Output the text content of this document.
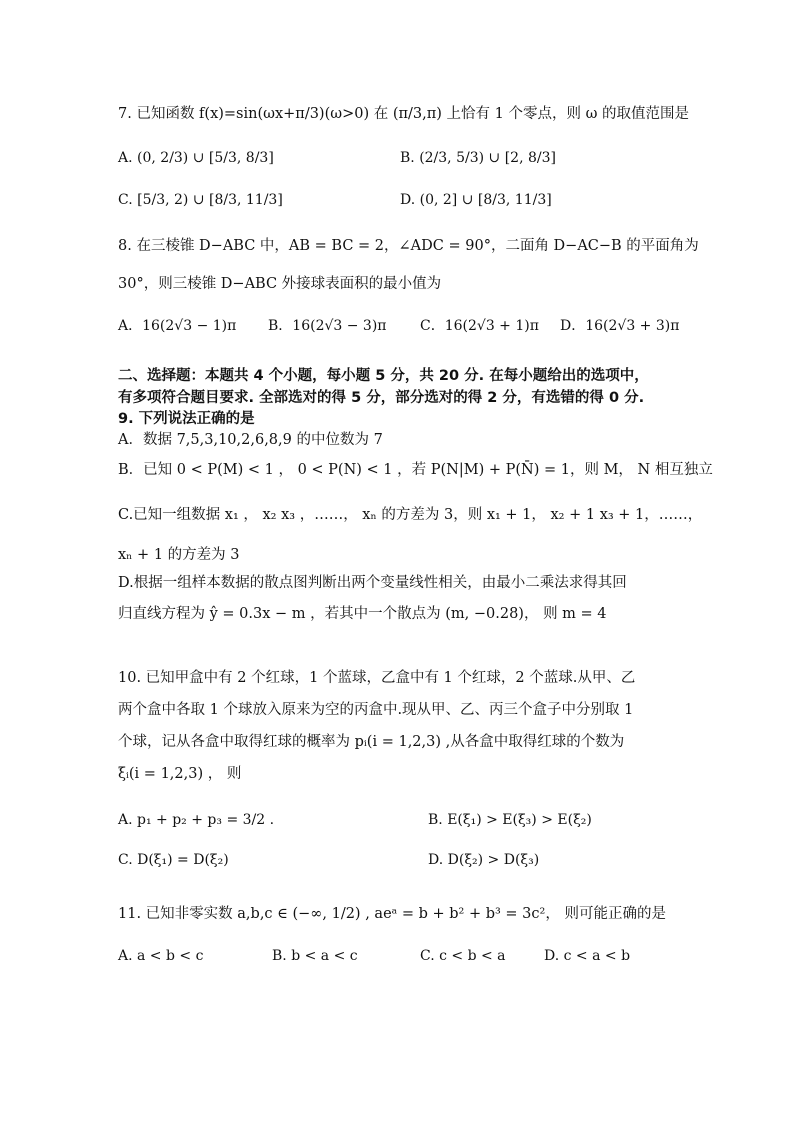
7. 已知函数 f(x)=sin(ωx+π/3)(ω>0) 在 (π/3,π) 上恰有 1 个零点，则 ω 的取值范围是
A. (0, 2/3) ∪ [5/3, 8/3]	B. (2/3, 5/3) ∪ [2, 8/3]
C. [5/3, 2) ∪ [8/3, 11/3]	D. (0, 2] ∪ [8/3, 11/3]
8. 在三棱锥 D−ABC 中，AB = BC = 2，∠ADC = 90°，二面角 D−AC−B 的平面角为
30°，则三棱锥 D−ABC 外接球表面积的最小值为
A．16(2√3 − 1)π B．16(2√3 − 3)π C．16(2√3 + 1)π D．16(2√3 + 3)π
二、选择题：本题共 4 个小题，每小题 5 分，共 20 分. 在每小题给出的选项中，
有多项符合题目要求. 全部选对的得 5 分，部分选对的得 2 分，有选错的得 0 分.
9. 下列说法正确的是
A．数据 7,5,3,10,2,6,8,9 的中位数为 7
B．已知 0 < P(M) < 1 ， 0 < P(N) < 1 ，若 P(N|M) + P(N̄) = 1，则 M， N 相互独立
C.已知一组数据 x₁ ， x₂ x₃ ，……， xₙ 的方差为 3，则 x₁ + 1， x₂ + 1 x₃ + 1，……，
xₙ + 1 的方差为 3
D.根据一组样本数据的散点图判断出两个变量线性相关，由最小二乘法求得其回
归直线方程为 ŷ = 0.3x − m ，若其中一个散点为 (m, −0.28)， 则 m = 4
10. 已知甲盒中有 2 个红球，1 个蓝球，乙盒中有 1 个红球，2 个蓝球.从甲、乙
两个盒中各取 1 个球放入原来为空的丙盒中.现从甲、乙、丙三个盒子中分别取 1
个球，记从各盒中取得红球的概率为 pᵢ(i = 1,2,3) ,从各盒中取得红球的个数为
ξᵢ(i = 1,2,3) ， 则
A. p₁ + p₂ + p₃ = 3/2 .	B. E(ξ₁) > E(ξ₃) > E(ξ₂)
C. D(ξ₁) = D(ξ₂)	D. D(ξ₂) > D(ξ₃)
11. 已知非零实数 a,b,c ∈ (−∞, 1/2) , aeᵃ = b + b² + b³ = 3c²， 则可能正确的是
A. a < b < c	B. b < a < c	C. c < b < a	D. c < a < b
